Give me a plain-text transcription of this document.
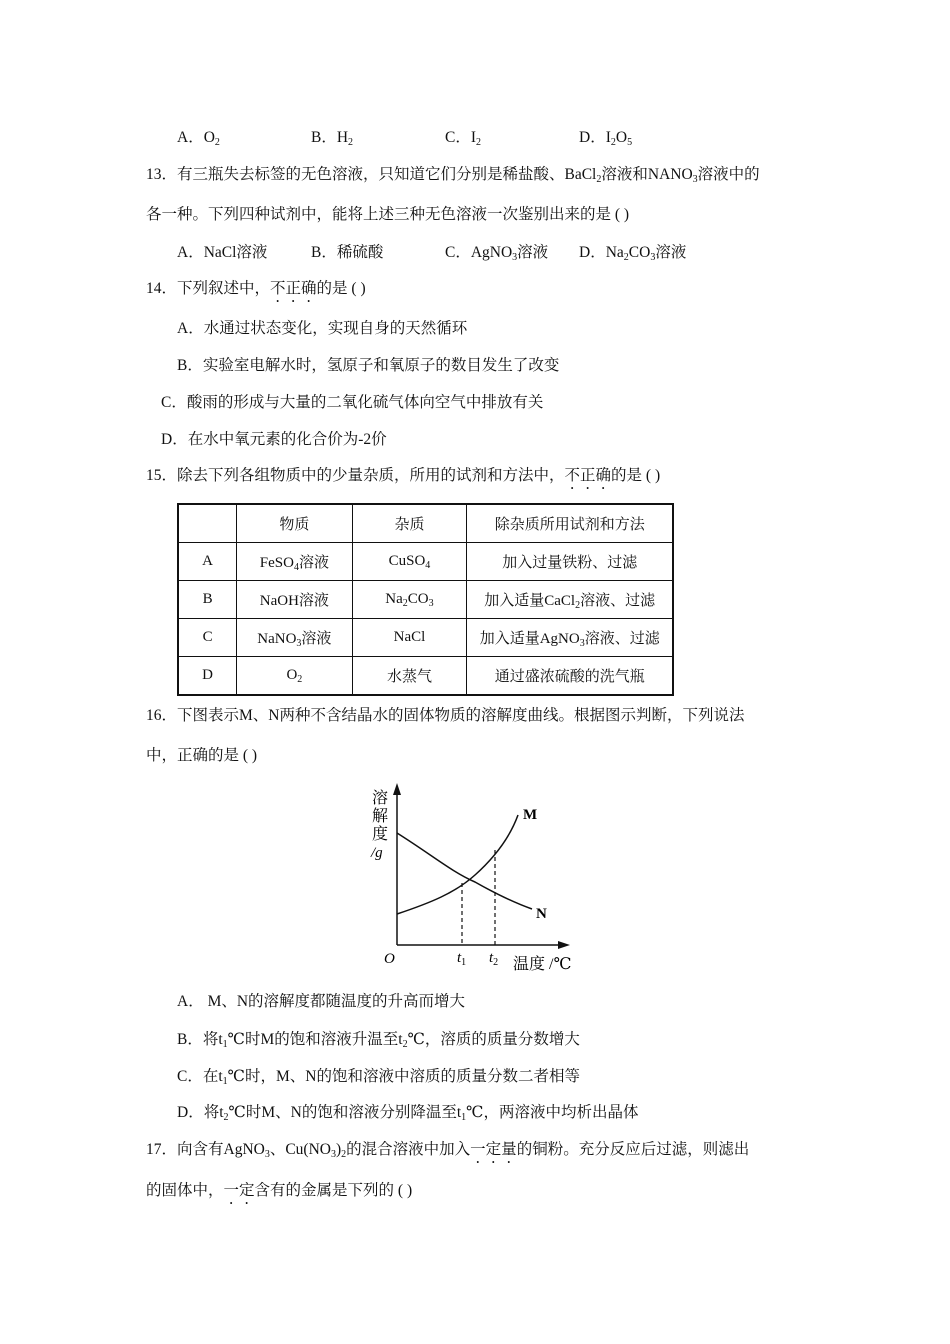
A．$O_2$	B．$H_2$	C．$I_2$	D．$I_2O_5$
13．有三瓶失去标签的无色溶液，只知道它们分别是稀盐酸、BaCl$_2$溶液和$NANO_3$溶液中的
各一种。下列四种试剂中，能将上述三种无色溶液一次鉴别出来的是 ( )
A．NaCl溶液	B．稀硫酸	C．AgNO$_3$溶液 D．$Na_2CO_3$溶液
14．下列叙述中，不正确的是 ( )
A．水通过状态变化，实现自身的天然循环
B．实验室电解水时，氢原子和氧原子的数目发生了改变
C．酸雨的形成与大量的二氧化硫气体向空气中排放有关
D．在水中氧元素的化合价为-2价
15．除去下列各组物质中的少量杂质，所用的试剂和方法中，不正确的是 ( )
	物质	杂质	除杂质所用试剂和方法
A	FeSO$_4$溶液	CuSO$_4$	加入过量铁粉、过滤
B	NaOH溶液	$Na_2CO_3$	加入适量CaCl$_2$溶液、过滤
C	NaNO$_3$溶液	NaCl	加入适量AgNO$_3$溶液、过滤
D	$O_2$	水蒸气	通过盛浓硫酸的洗气瓶
16．下图表示M、N两种不含结晶水的固体物质的溶解度曲线。根据图示判断，下列说法
中，正确的是 ( )
溶
解
度
/g
M
N
O	$t_1$ $t_2$ 温度 /℃
A． M、N的溶解度都随温度的升高而增大
B．将$t_1℃$时M的饱和溶液升温至$t_2℃$，溶质的质量分数增大
C．在$t_1℃$时，M、N的饱和溶液中溶质的质量分数二者相等
D．将$t_2℃$时M、N的饱和溶液分别降温至$t_1℃$，两溶液中均析出晶体
17．向含有AgNO$_3$、$Cu(NO_3)_2$的混合溶液中加入一定量的铜粉。充分反应后过滤，则滤出
的固体中，一定含有的金属是下列的 ( )
